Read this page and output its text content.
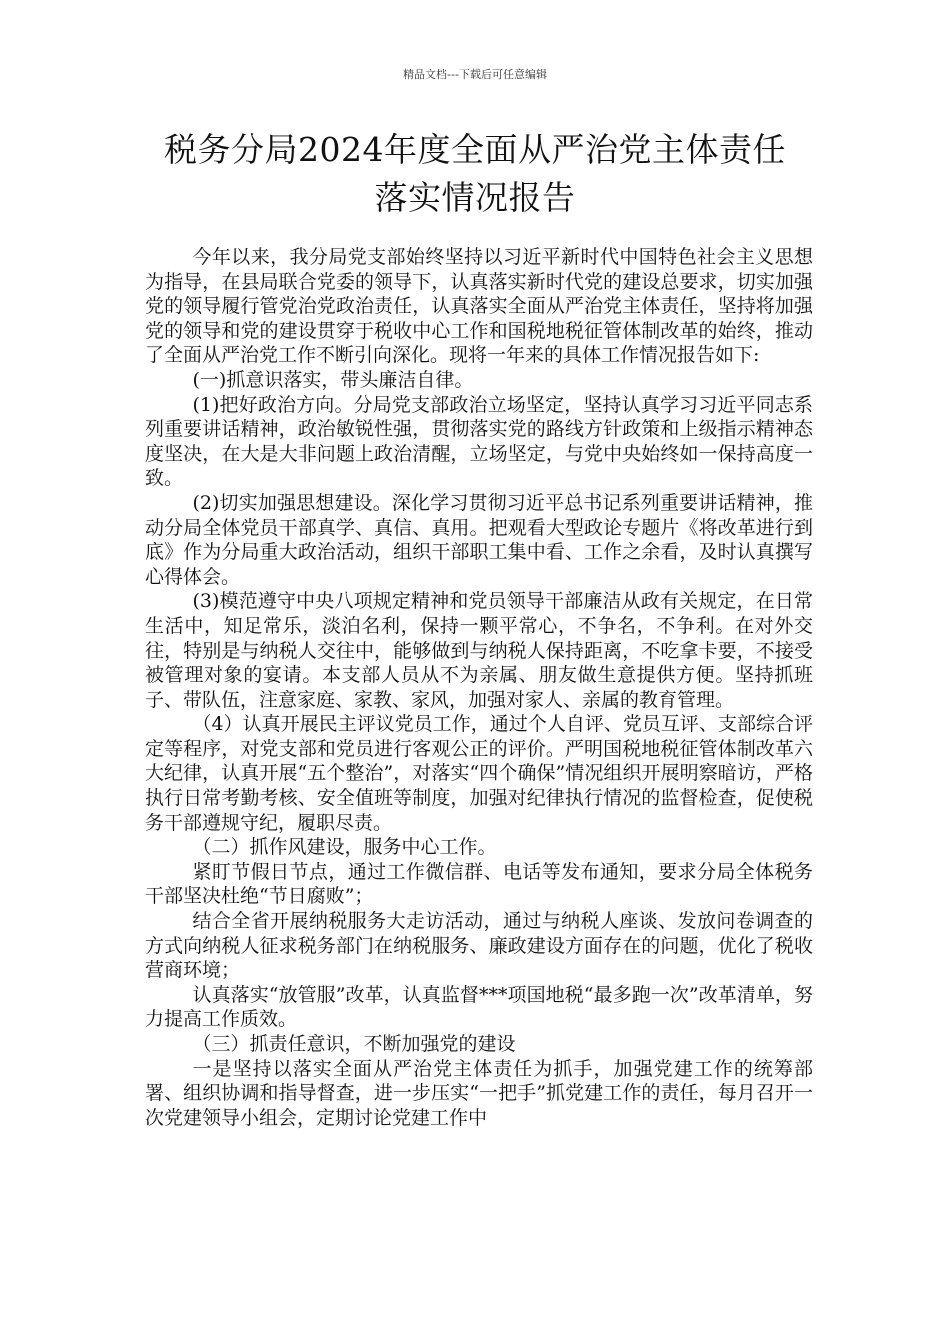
精品文档---下载后可任意编辑
税务分局2024年度全面从严治党主体责任
落实情况报告

今年以来，我分局党支部始终坚持以习近平新时代中国特色社会主义思想为指导，在县局联合党委的领导下，认真落实新时代党的建设总要求，切实加强党的领导履行管党治党政治责任，认真落实全面从严治党主体责任，坚持将加强党的领导和党的建设贯穿于税收中心工作和国税地税征管体制改革的始终，推动了全面从严治党工作不断引向深化。现将一年来的具体工作情况报告如下:

(一)抓意识落实，带头廉洁自律。

(1)把好政治方向。分局党支部政治立场坚定，坚持认真学习习近平同志系列重要讲话精神，政治敏锐性强，贯彻落实党的路线方针政策和上级指示精神态度坚决，在大是大非问题上政治清醒，立场坚定，与党中央始终如一保持高度一致。

(2)切实加强思想建设。深化学习贯彻习近平总书记系列重要讲话精神，推动分局全体党员干部真学、真信、真用。把观看大型政论专题片《将改革进行到底》作为分局重大政治活动，组织干部职工集中看、工作之余看，及时认真撰写心得体会。

(3)模范遵守中央八项规定精神和党员领导干部廉洁从政有关规定，在日常生活中，知足常乐，淡泊名利，保持一颗平常心，不争名，不争利。在对外交往，特别是与纳税人交往中，能够做到与纳税人保持距离，不吃拿卡要，不接受被管理对象的宴请。本支部人员从不为亲属、朋友做生意提供方便。坚持抓班子、带队伍，注意家庭、家教、家风，加强对家人、亲属的教育管理。

（4）认真开展民主评议党员工作，通过个人自评、党员互评、支部综合评定等程序，对党支部和党员进行客观公正的评价。严明国税地税征管体制改革六大纪律，认真开展“五个整治”，对落实“四个确保”情况组织开展明察暗访，严格执行日常考勤考核、安全值班等制度，加强对纪律执行情况的监督检查，促使税务干部遵规守纪，履职尽责。

（二）抓作风建设，服务中心工作。

紧盯节假日节点，通过工作微信群、电话等发布通知，要求分局全体税务干部坚决杜绝“节日腐败”；

结合全省开展纳税服务大走访活动，通过与纳税人座谈、发放问卷调查的方式向纳税人征求税务部门在纳税服务、廉政建设方面存在的问题，优化了税收营商环境；

认真落实“放管服”改革，认真监督***项国地税“最多跑一次”改革清单，努力提高工作质效。

（三）抓责任意识，不断加强党的建设

一是坚持以落实全面从严治党主体责任为抓手，加强党建工作的统筹部署、组织协调和指导督查，进一步压实“一把手”抓党建工作的责任，每月召开一次党建领导小组会，定期讨论党建工作中
